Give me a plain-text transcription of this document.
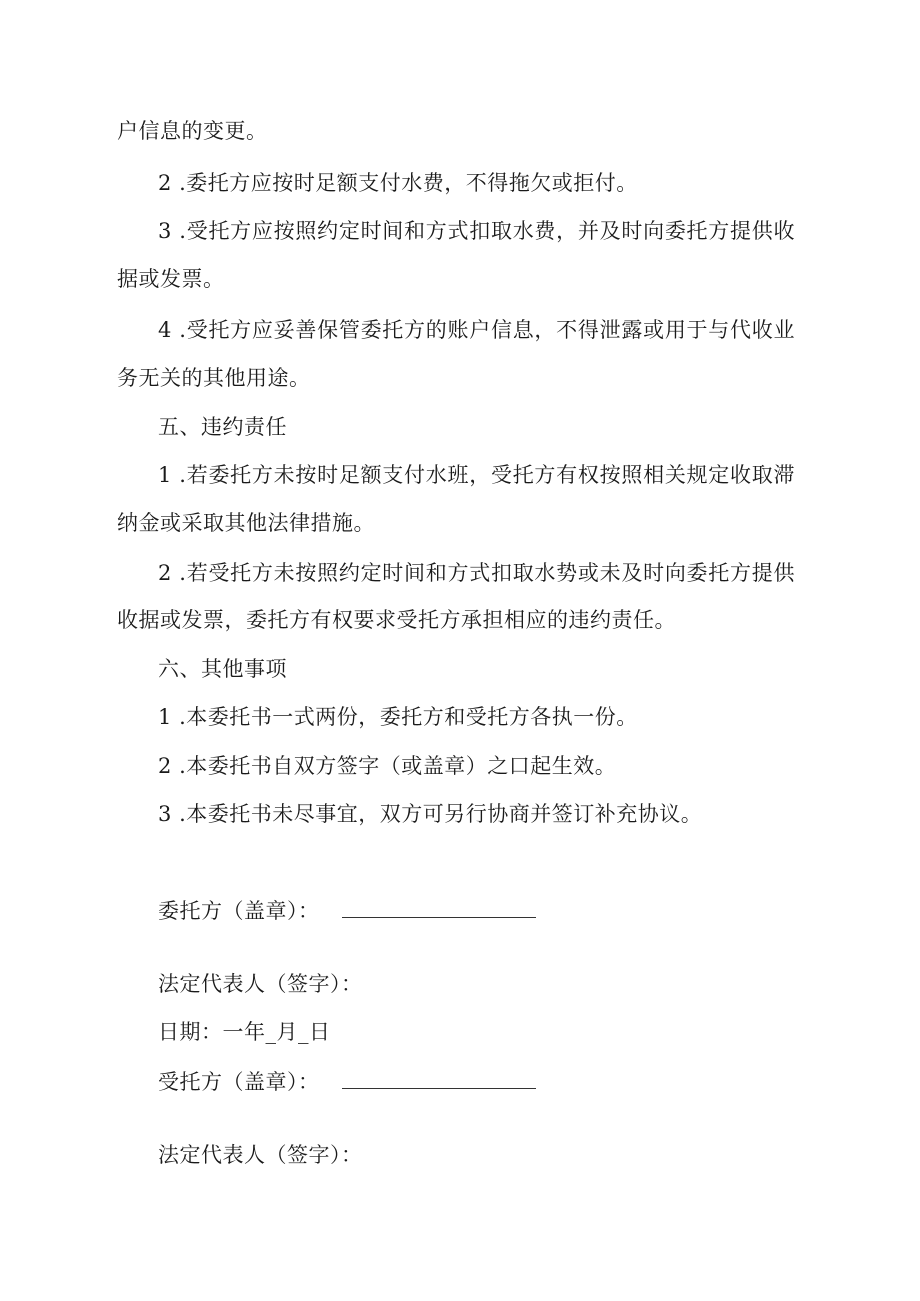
户信息的变更。
2 .委托方应按时足额支付水费，不得拖欠或拒付。
3 .受托方应按照约定时间和方式扣取水费，并及时向委托方提供收
据或发票。
4 .受托方应妥善保管委托方的账户信息，不得泄露或用于与代收业
务无关的其他用途。
五、违约责任
1 .若委托方未按时足额支付水班，受托方有权按照相关规定收取滞
纳金或采取其他法律措施。
2 .若受托方未按照约定时间和方式扣取水势或未及时向委托方提供
收据或发票，委托方有权要求受托方承担相应的违约责任。
六、其他事项
1 .本委托书一式两份，委托方和受托方各执一份。
2 .本委托书自双方签字（或盖章）之口起生效。
3 .本委托书未尽事宜，双方可另行协商并签订补充协议。
委托方（盖章）：
法定代表人（签字）：
日期：一年_月_日
受托方（盖章）：
法定代表人（签字）：
